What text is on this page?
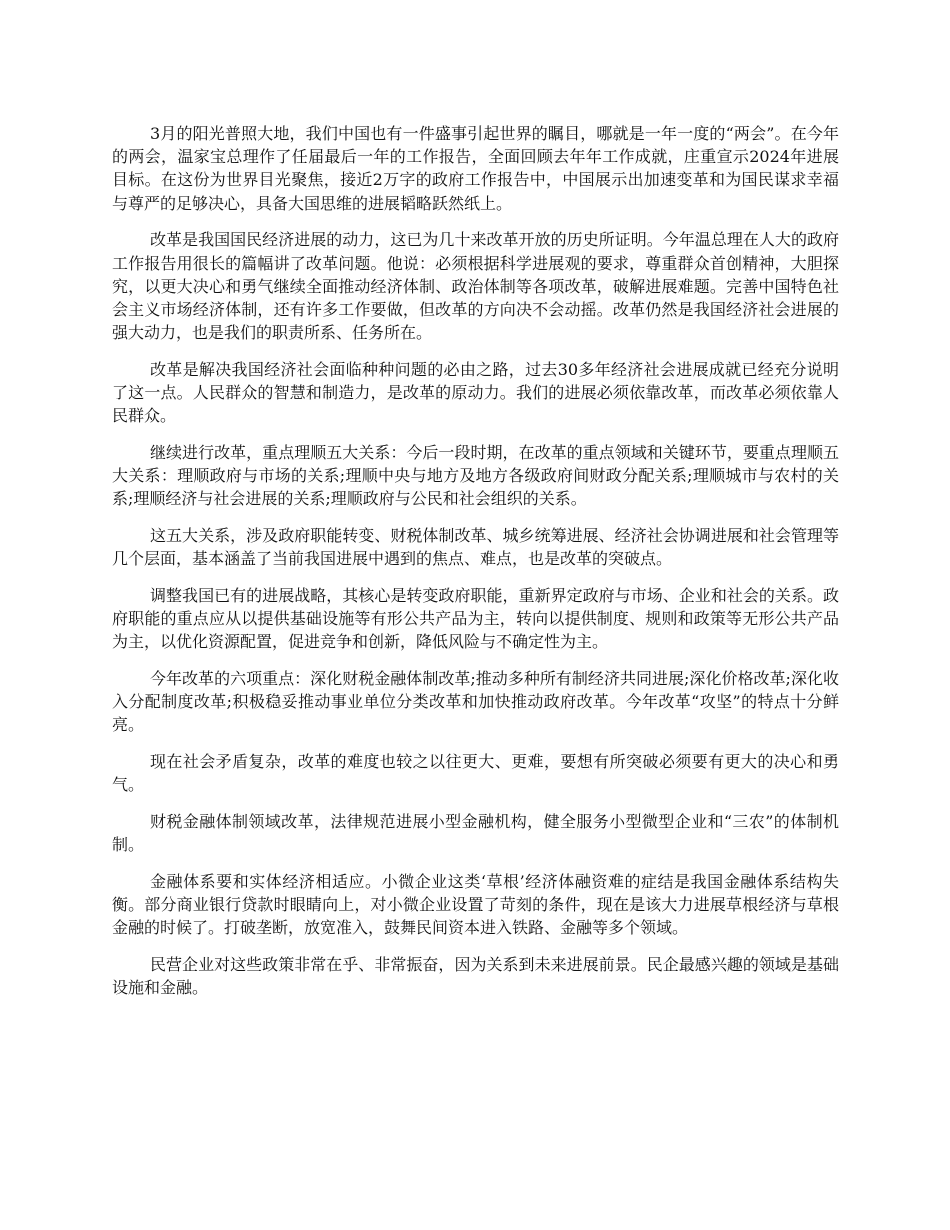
3月的阳光普照大地，我们中国也有一件盛事引起世界的瞩目，哪就是一年一度的“两会”。在今年的两会，温家宝总理作了任届最后一年的工作报告，全面回顾去年年工作成就，庄重宣示2024年进展目标。在这份为世界目光聚焦，接近2万字的政府工作报告中，中国展示出加速变革和为国民谋求幸福与尊严的足够决心，具备大国思维的进展韬略跃然纸上。

改革是我国国民经济进展的动力，这已为几十来改革开放的历史所证明。今年温总理在人大的政府工作报告用很长的篇幅讲了改革问题。他说：必须根据科学进展观的要求，尊重群众首创精神，大胆探究，以更大决心和勇气继续全面推动经济体制、政治体制等各项改革，破解进展难题。完善中国特色社会主义市场经济体制，还有许多工作要做，但改革的方向决不会动摇。改革仍然是我国经济社会进展的强大动力，也是我们的职责所系、任务所在。

改革是解决我国经济社会面临种种问题的必由之路，过去30多年经济社会进展成就已经充分说明了这一点。人民群众的智慧和制造力，是改革的原动力。我们的进展必须依靠改革，而改革必须依靠人民群众。

继续进行改革，重点理顺五大关系：今后一段时期，在改革的重点领域和关键环节，要重点理顺五大关系：理顺政府与市场的关系;理顺中央与地方及地方各级政府间财政分配关系;理顺城市与农村的关系;理顺经济与社会进展的关系;理顺政府与公民和社会组织的关系。

这五大关系，涉及政府职能转变、财税体制改革、城乡统筹进展、经济社会协调进展和社会管理等几个层面，基本涵盖了当前我国进展中遇到的焦点、难点，也是改革的突破点。

调整我国已有的进展战略，其核心是转变政府职能，重新界定政府与市场、企业和社会的关系。政府职能的重点应从以提供基础设施等有形公共产品为主，转向以提供制度、规则和政策等无形公共产品为主，以优化资源配置，促进竞争和创新，降低风险与不确定性为主。

今年改革的六项重点：深化财税金融体制改革;推动多种所有制经济共同进展;深化价格改革;深化收入分配制度改革;积极稳妥推动事业单位分类改革和加快推动政府改革。今年改革“攻坚”的特点十分鲜亮。

现在社会矛盾复杂，改革的难度也较之以往更大、更难，要想有所突破必须要有更大的决心和勇气。

财税金融体制领域改革，法律规范进展小型金融机构，健全服务小型微型企业和“三农”的体制机制。

金融体系要和实体经济相适应。小微企业这类‘草根’经济体融资难的症结是我国金融体系结构失衡。部分商业银行贷款时眼睛向上，对小微企业设置了苛刻的条件，现在是该大力进展草根经济与草根金融的时候了。打破垄断，放宽准入，鼓舞民间资本进入铁路、金融等多个领域。

民营企业对这些政策非常在乎、非常振奋，因为关系到未来进展前景。民企最感兴趣的领域是基础设施和金融。
